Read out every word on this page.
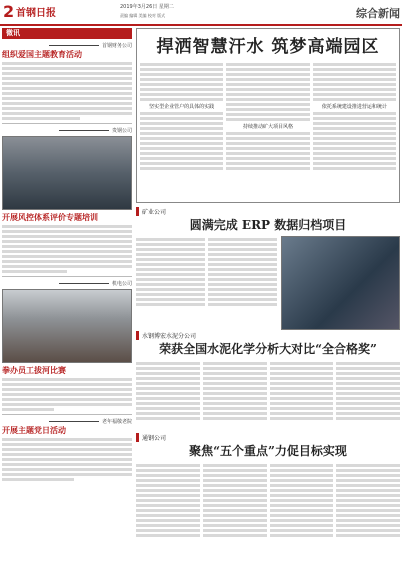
2 首钢日报
2019年3月26日 星期二
责编 编辑 美编 校对 版式	综合新闻
微讯
首钢财务公司
组织爱国主题教育活动
贵钢公司
开展风控体系评价专题培训
机电公司
拳办员工拔河比赛
老年福敬老院
开展主题党日活动
捍洒智慧汗水 筑梦高端园区
坚实型企业管户的具体的实践
持续推动矿大项目风格
依托系统建设推进营运和统计
矿业公司
圆满完成 ERP 数据归档项目
水钢博宏水泥分公司
荣获全国水泥化学分析大对比“全合格奖”
通钢公司
聚焦“五个重点”力促目标实现
